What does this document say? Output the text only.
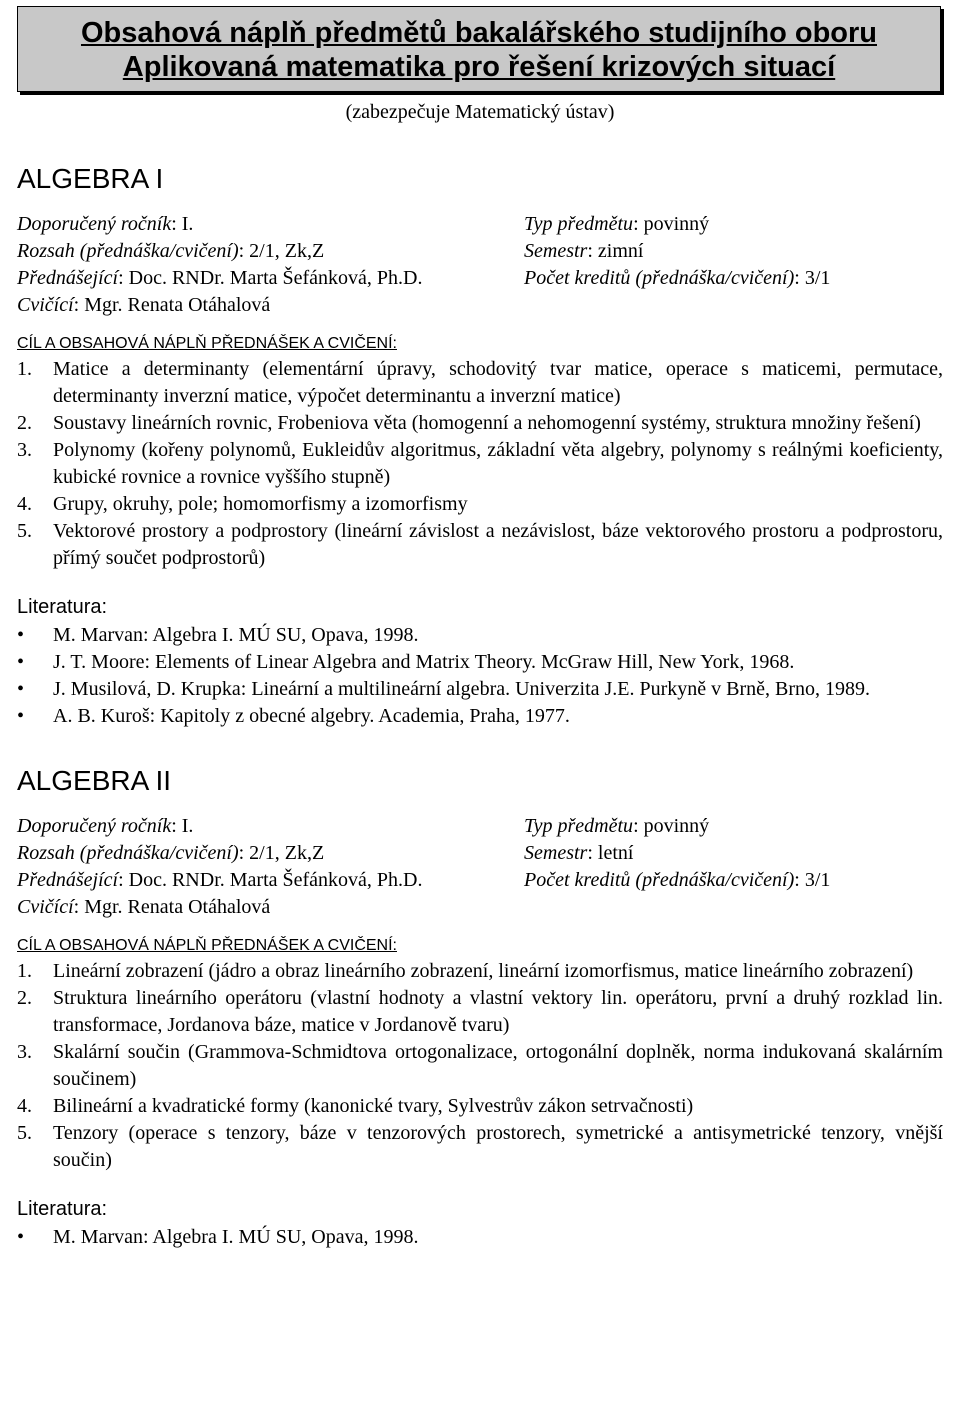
Obsahová náplň předmětů bakalářského studijního oboru
Aplikovaná matematika pro řešení krizových situací
(zabezpečuje Matematický ústav)
ALGEBRA I
Doporučený ročník: I.	Typ předmětu: povinný
Rozsah (přednáška/cvičení): 2/1, Zk,Z	Semestr: zimní
Přednášející: Doc. RNDr. Marta Šefánková, Ph.D.	Počet kreditů (přednáška/cvičení): 3/1
Cvičící: Mgr. Renata Otáhalová
CÍL A OBSAHOVÁ NÁPLŇ PŘEDNÁŠEK A CVIČENÍ:
1. Matice a determinanty (elementární úpravy, schodovitý tvar matice, operace s maticemi, permutace, determinanty inverzní matice, výpočet determinantu a inverzní matice)
2. Soustavy lineárních rovnic, Frobeniova věta (homogenní a nehomogenní systémy, struktura množiny řešení)
3. Polynomy (kořeny polynomů, Eukleidův algoritmus, základní věta algebry, polynomy s reálnými koeficienty, kubické rovnice a rovnice vyššího stupně)
4. Grupy, okruhy, pole; homomorfismy a izomorfismy
5. Vektorové prostory a podprostory (lineární závislost a nezávislost, báze vektorového prostoru a podprostoru, přímý součet podprostorů)
Literatura:
• M. Marvan: Algebra I. MÚ SU, Opava, 1998.
• J. T. Moore: Elements of Linear Algebra and Matrix Theory. McGraw Hill, New York, 1968.
• J. Musilová, D. Krupka: Lineární a multilineární algebra. Univerzita J.E. Purkyně v Brně, Brno, 1989.
• A. B. Kuroš: Kapitoly z obecné algebry. Academia, Praha, 1977.
ALGEBRA II
Doporučený ročník: I.	Typ předmětu: povinný
Rozsah (přednáška/cvičení): 2/1, Zk,Z	Semestr: letní
Přednášející: Doc. RNDr. Marta Šefánková, Ph.D.	Počet kreditů (přednáška/cvičení): 3/1
Cvičící: Mgr. Renata Otáhalová
CÍL A OBSAHOVÁ NÁPLŇ PŘEDNÁŠEK A CVIČENÍ:
1. Lineární zobrazení (jádro a obraz lineárního zobrazení, lineární izomorfismus, matice lineárního zobrazení)
2. Struktura lineárního operátoru (vlastní hodnoty a vlastní vektory lin. operátoru, první a druhý rozklad lin. transformace, Jordanova báze, matice v Jordanově tvaru)
3. Skalární součin (Grammova-Schmidtova ortogonalizace, ortogonální doplněk, norma indukovaná skalárním součinem)
4. Bilineární a kvadratické formy (kanonické tvary, Sylvestrův zákon setrvačnosti)
5. Tenzory (operace s tenzory, báze v tenzorových prostorech, symetrické a antisymetrické tenzory, vnější součin)
Literatura:
• M. Marvan: Algebra I. MÚ SU, Opava, 1998.
